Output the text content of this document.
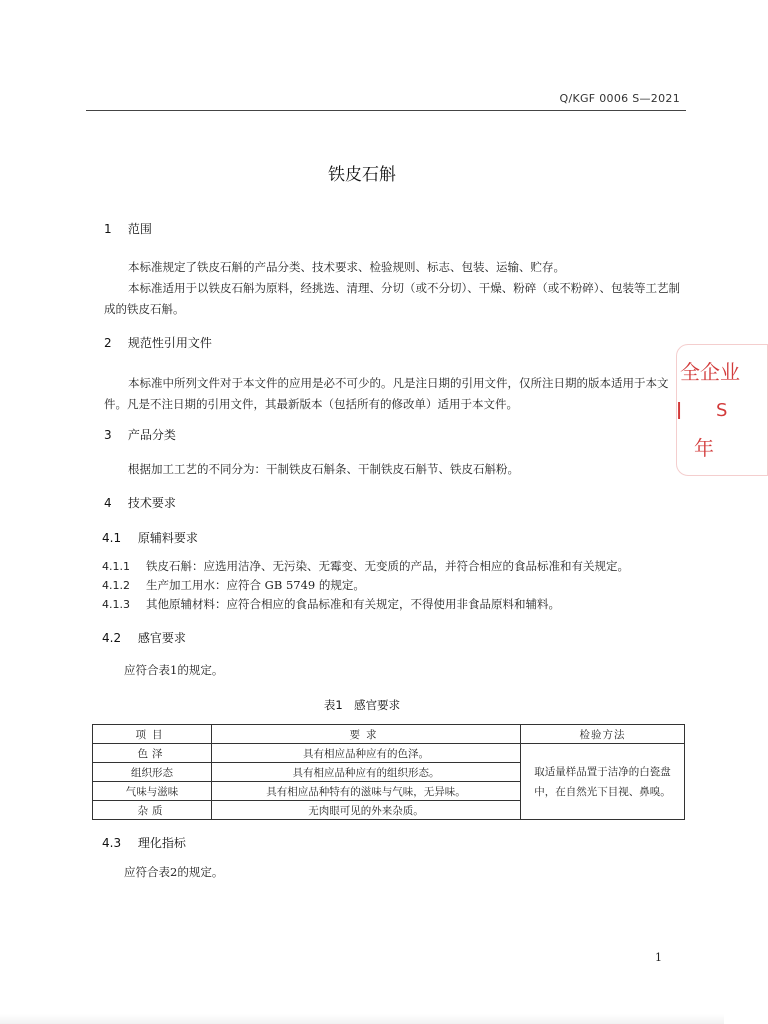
Q/KGF 0006 S—2021
铁皮石斛
1 范围
本标准规定了铁皮石斛的产品分类、技术要求、检验规则、标志、包装、运输、贮存。
本标准适用于以铁皮石斛为原料，经挑选、清理、分切（或不分切）、干燥、粉碎（或不粉碎）、包装等工艺制成的铁皮石斛。
2 规范性引用文件
本标准中所列文件对于本文件的应用是必不可少的。凡是注日期的引用文件，仅所注日期的版本适用于本文件。凡是不注日期的引用文件，其最新版本（包括所有的修改单）适用于本文件。
3 产品分类
根据加工工艺的不同分为：干制铁皮石斛条、干制铁皮石斛节、铁皮石斛粉。
4 技术要求
4.1 原辅料要求
4.1.1 铁皮石斛：应选用洁净、无污染、无霉变、无变质的产品，并符合相应的食品标准和有关规定。
4.1.2 生产加工用水：应符合 GB 5749 的规定。
4.1.3 其他原辅材料：应符合相应的食品标准和有关规定，不得使用非食品原料和辅料。
4.2 感官要求
应符合表1的规定。
表1　感官要求
项目	要求	检验方法
色泽	具有相应品种应有的色泽。	取适量样品置于洁净的白瓷盘中，在自然光下目视、鼻嗅。
组织形态	具有相应品种应有的组织形态。	
气味与滋味	具有相应品种特有的滋味与气味，无异味。	
杂质	无肉眼可见的外来杂质。	
4.3 理化指标
应符合表2的规定。
全企业
l S
年
1
